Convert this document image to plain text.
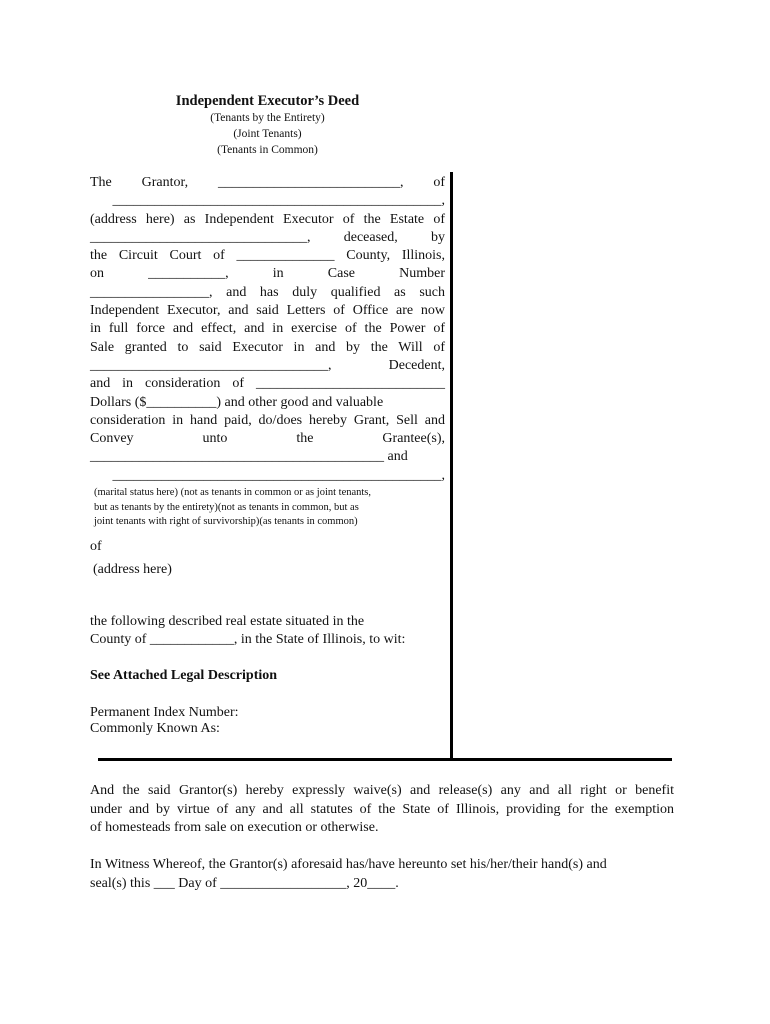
Independent Executor’s Deed
(Tenants by the Entirety)
(Joint Tenants)
(Tenants in Common)
The Grantor, __________________________, of
_______________________________________________,
(address here) as Independent Executor of the Estate of
_______________________________, deceased, by
the Circuit Court of ______________ County, Illinois,
on	___________,	in	Case	Number
_________________, and has duly qualified as such
Independent Executor, and said Letters of Office are now
in full force and effect, and in exercise of the Power of
Sale granted to said Executor in and by the Will of
__________________________________, Decedent,
and in consideration of ___________________________
Dollars ($__________) and other good and valuable
consideration in hand paid, do/does hereby Grant, Sell and
Convey	unto	the	Grantee(s),
__________________________________________ and
_______________________________________________,
(marital status here) (not as tenants in common or as joint tenants,
but as tenants by the entirety)(not as tenants in common, but as
joint tenants with right of survivorship)(as tenants in common)
of
(address here)
the following described real estate situated in the
County of ____________, in the State of Illinois, to wit:
See Attached Legal Description
Permanent Index Number:
Commonly Known As:
And the said Grantor(s) hereby expressly waive(s) and release(s) any and all right or benefit
under and by virtue of any and all statutes of the State of Illinois, providing for the exemption
of homesteads from sale on execution or otherwise.
In Witness Whereof, the Grantor(s) aforesaid has/have hereunto set his/her/their hand(s) and
seal(s) this ___ Day of __________________, 20____.
